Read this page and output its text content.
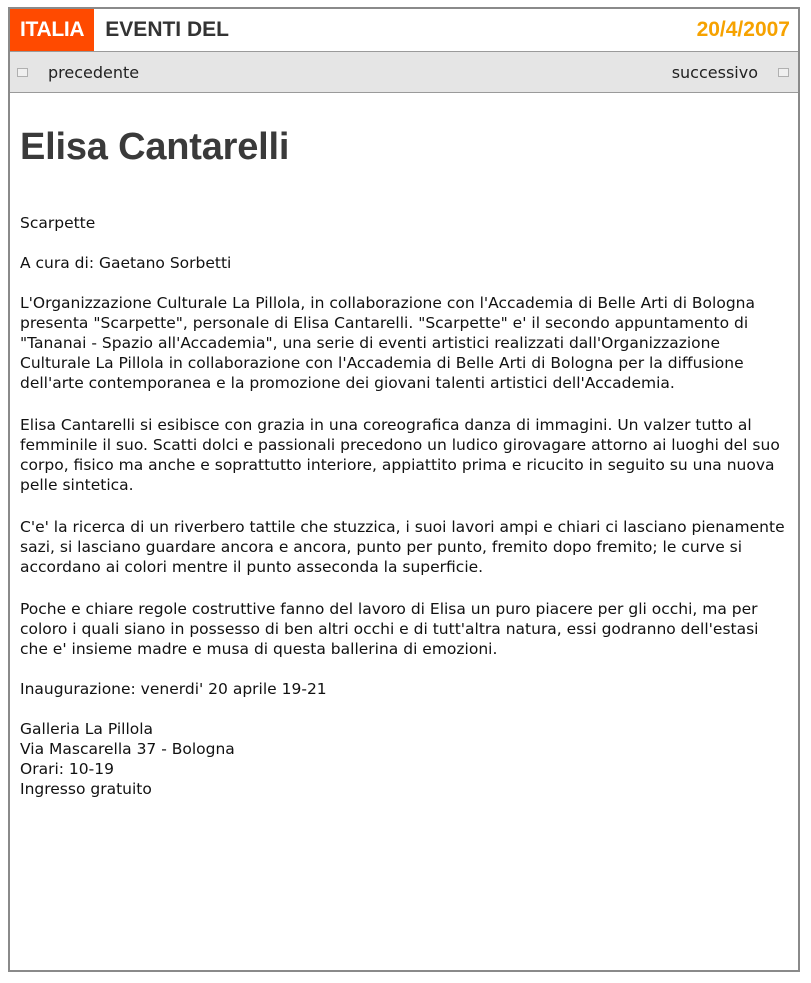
ITALIA	EVENTI DEL	20/4/2007
precedente	successivo
Elisa Cantarelli

Scarpette

A cura di: Gaetano Sorbetti

L'Organizzazione Culturale La Pillola, in collaborazione con l'Accademia di Belle Arti di Bologna presenta "Scarpette", personale di Elisa Cantarelli. "Scarpette" e' il secondo appuntamento di "Tananai - Spazio all'Accademia", una serie di eventi artistici realizzati dall'Organizzazione Culturale La Pillola in collaborazione con l'Accademia di Belle Arti di Bologna per la diffusione dell'arte contemporanea e la promozione dei giovani talenti artistici dell'Accademia.

Elisa Cantarelli si esibisce con grazia in una coreografica danza di immagini. Un valzer tutto al femminile il suo. Scatti dolci e passionali precedono un ludico girovagare attorno ai luoghi del suo corpo, fisico ma anche e soprattutto interiore, appiattito prima e ricucito in seguito su una nuova pelle sintetica.

C'e' la ricerca di un riverbero tattile che stuzzica, i suoi lavori ampi e chiari ci lasciano pienamente sazi, si lasciano guardare ancora e ancora, punto per punto, fremito dopo fremito; le curve si accordano ai colori mentre il punto asseconda la superficie.

Poche e chiare regole costruttive fanno del lavoro di Elisa un puro piacere per gli occhi, ma per coloro i quali siano in possesso di ben altri occhi e di tutt'altra natura, essi godranno dell'estasi che e' insieme madre e musa di questa ballerina di emozioni.

Inaugurazione: venerdi' 20 aprile 19-21

Galleria La Pillola

Via Mascarella 37 - Bologna

Orari: 10-19

Ingresso gratuito
